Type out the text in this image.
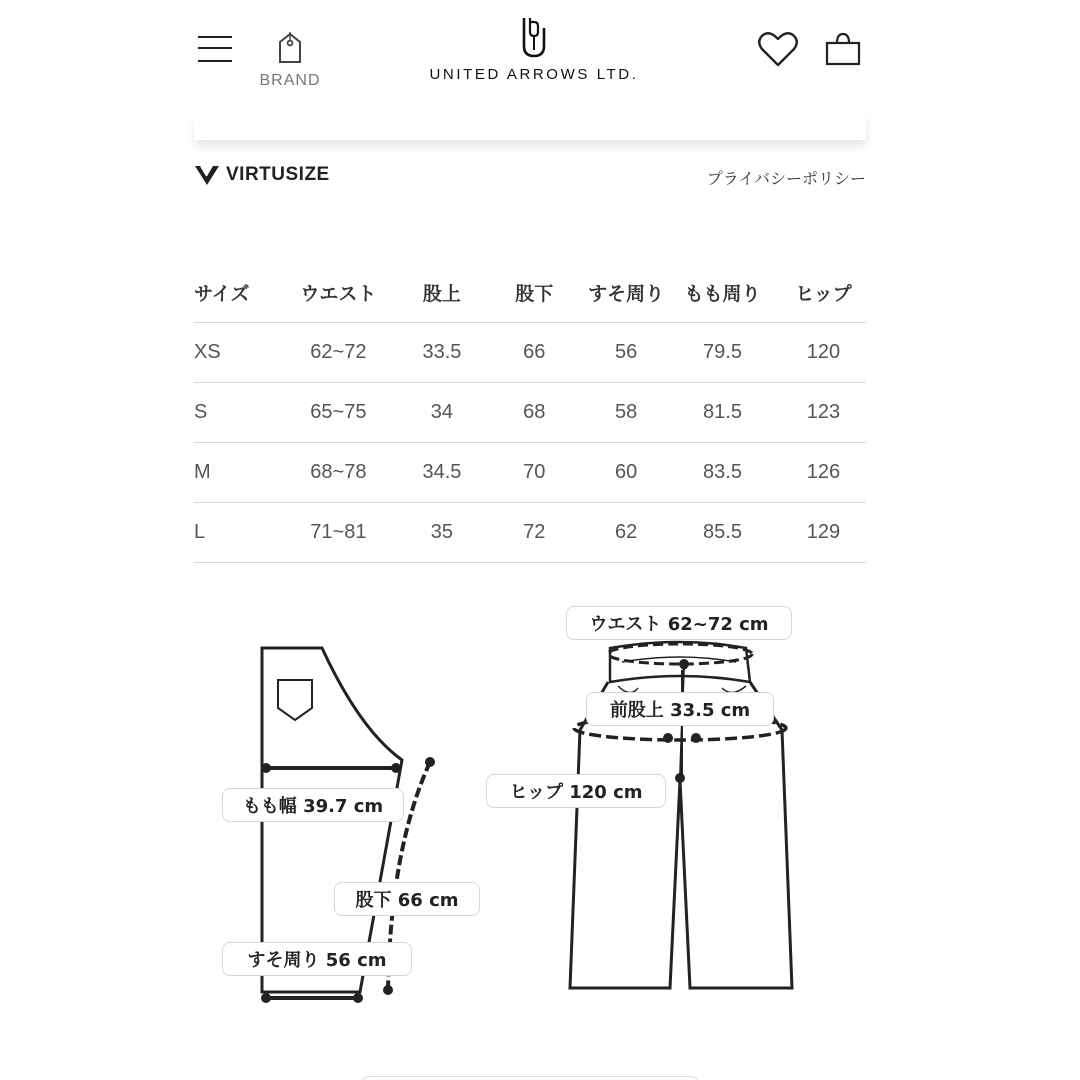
BRAND	UNITED ARROWS LTD.
VIRTUSIZE	プライバシーポリシー
サイズ	ウエスト	股上	股下	すそ周り	もも周り	ヒップ
XS	62~72	33.5	66	56	79.5	120
S	65~75	34	68	58	81.5	123
M	68~78	34.5	70	60	83.5	126
L	71~81	35	72	62	85.5	129
もも幅 39.7 cm
股下 66 cm
すそ周り 56 cm
ウエスト 62~72 cm
前股上 33.5 cm
ヒップ 120 cm
